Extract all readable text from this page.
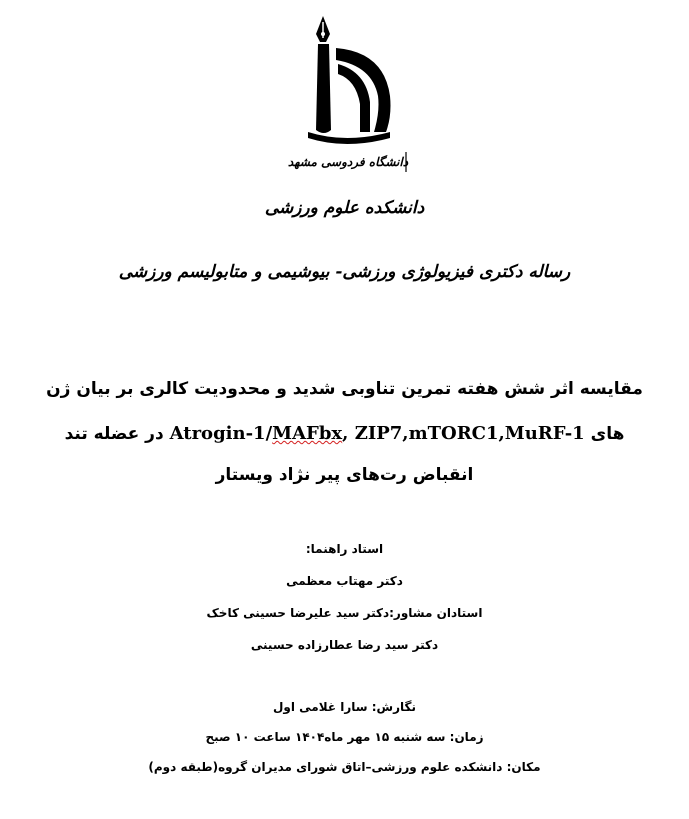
دانشگاه فردوسی مشهد
دانشکده علوم ورزشی
رساله دکتری فیزیولوژی ورزشی- بیوشیمی و متابولیسم ورزشی
مقایسه اثر شش هفته تمرین تناوبی شدید و محدودیت کالری بر بیان ژن
های Atrogin-1/MAFbx, ZIP7,mTORC1,MuRF-1 در عضله تند
انقباض رت‌های پیر نژاد ویستار
استاد راهنما:
دکتر مهتاب معظمی
استادان مشاور:دکتر سید علیرضا حسینی کاخک
دکتر سید رضا عطارزاده حسینی
نگارش: سارا غلامی اول
زمان: سه شنبه ۱۵ مهر ماه۱۴۰۴ ساعت ۱۰ صبح
مکان: دانشکده علوم ورزشی–اتاق شورای مدیران گروه(طبقه دوم)
